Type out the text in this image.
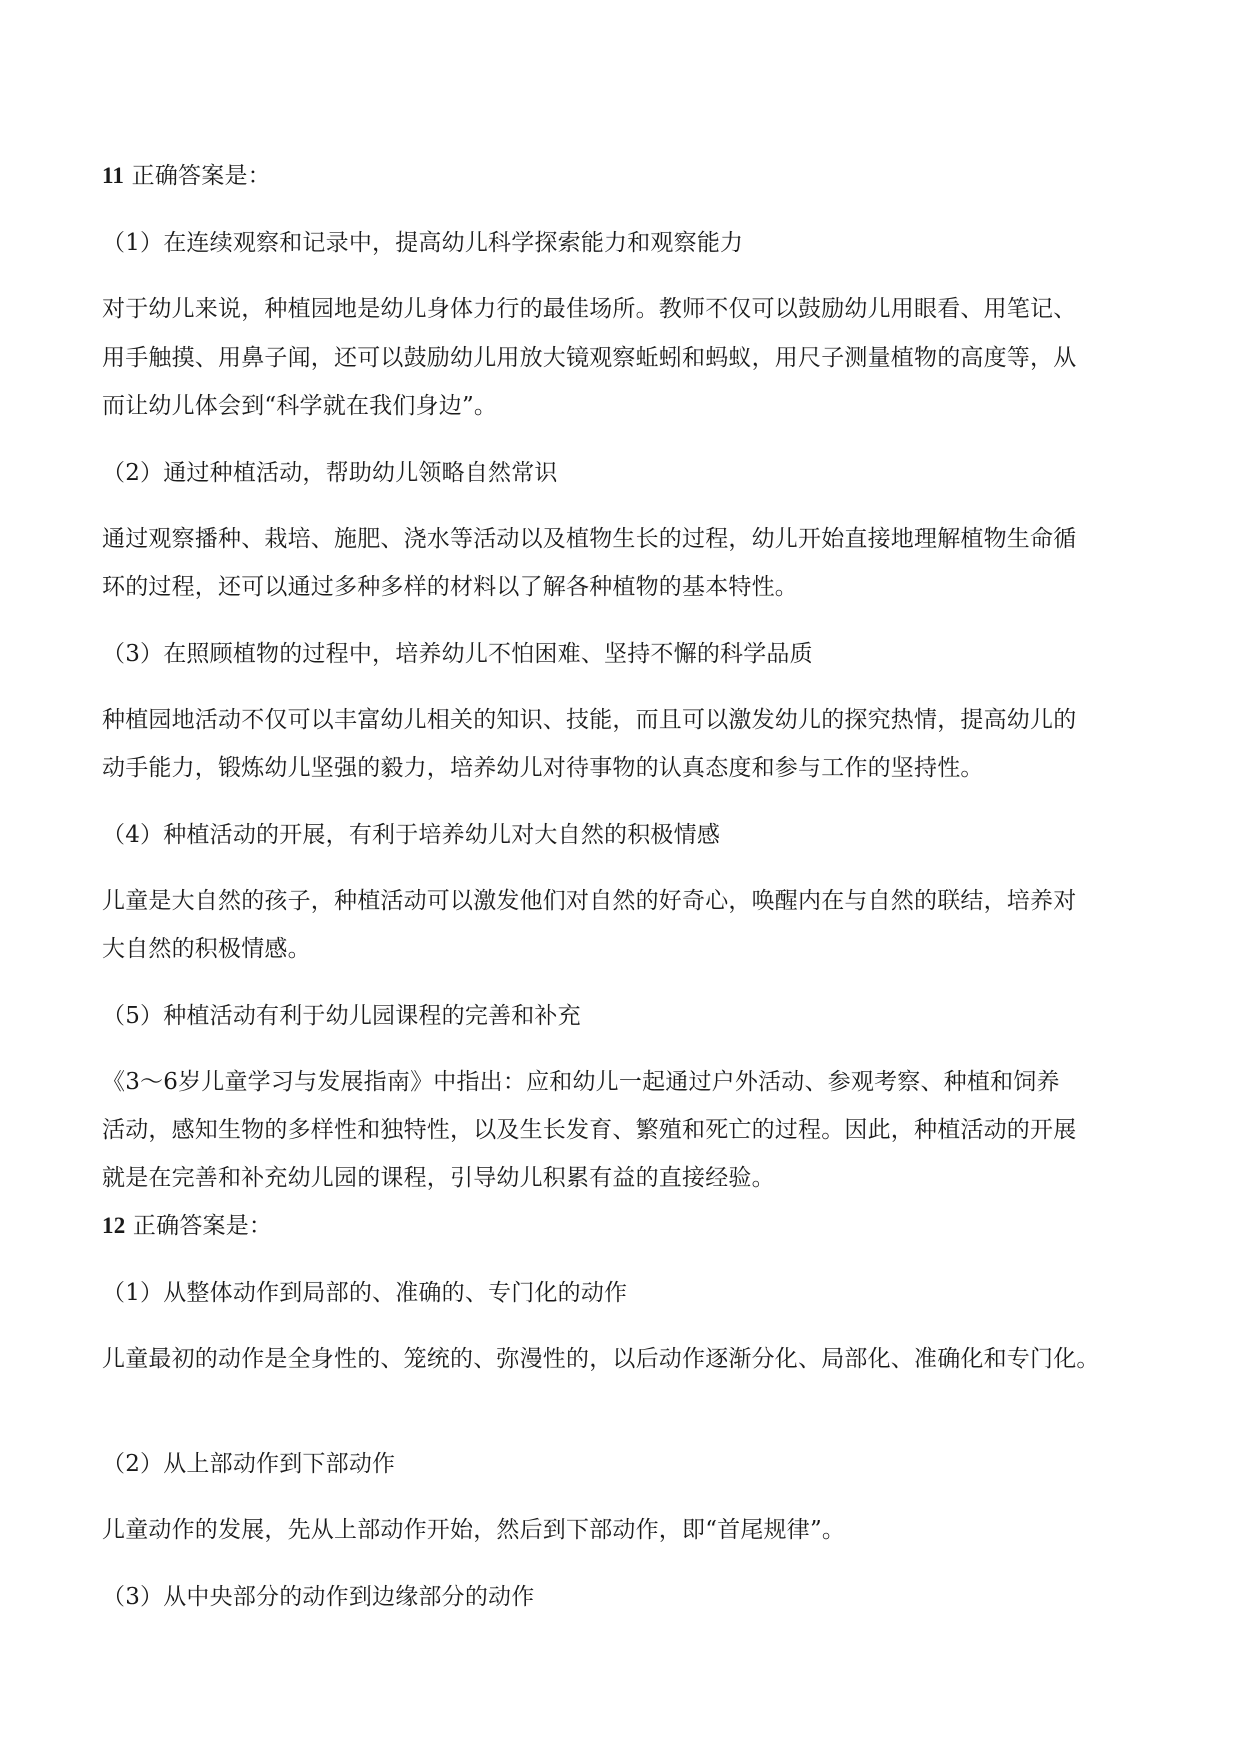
11 正确答案是：
（1）在连续观察和记录中，提高幼儿科学探索能力和观察能力
对于幼儿来说，种植园地是幼儿身体力行的最佳场所。教师不仅可以鼓励幼儿用眼看、用笔记、
用手触摸、用鼻子闻，还可以鼓励幼儿用放大镜观察蚯蚓和蚂蚁，用尺子测量植物的高度等，从
而让幼儿体会到“科学就在我们身边”。
（2）通过种植活动，帮助幼儿领略自然常识
通过观察播种、栽培、施肥、浇水等活动以及植物生长的过程，幼儿开始直接地理解植物生命循
环的过程，还可以通过多种多样的材料以了解各种植物的基本特性。
（3）在照顾植物的过程中，培养幼儿不怕困难、坚持不懈的科学品质
种植园地活动不仅可以丰富幼儿相关的知识、技能，而且可以激发幼儿的探究热情，提高幼儿的
动手能力，锻炼幼儿坚强的毅力，培养幼儿对待事物的认真态度和参与工作的坚持性。
（4）种植活动的开展，有利于培养幼儿对大自然的积极情感
儿童是大自然的孩子，种植活动可以激发他们对自然的好奇心，唤醒内在与自然的联结，培养对
大自然的积极情感。
（5）种植活动有利于幼儿园课程的完善和补充
《3～6岁儿童学习与发展指南》中指出：应和幼儿一起通过户外活动、参观考察、种植和饲养
活动，感知生物的多样性和独特性，以及生长发育、繁殖和死亡的过程。因此，种植活动的开展
就是在完善和补充幼儿园的课程，引导幼儿积累有益的直接经验。
12 正确答案是：
（1）从整体动作到局部的、准确的、专门化的动作
儿童最初的动作是全身性的、笼统的、弥漫性的，以后动作逐渐分化、局部化、准确化和专门化。
（2）从上部动作到下部动作
儿童动作的发展，先从上部动作开始，然后到下部动作，即“首尾规律”。
（3）从中央部分的动作到边缘部分的动作
